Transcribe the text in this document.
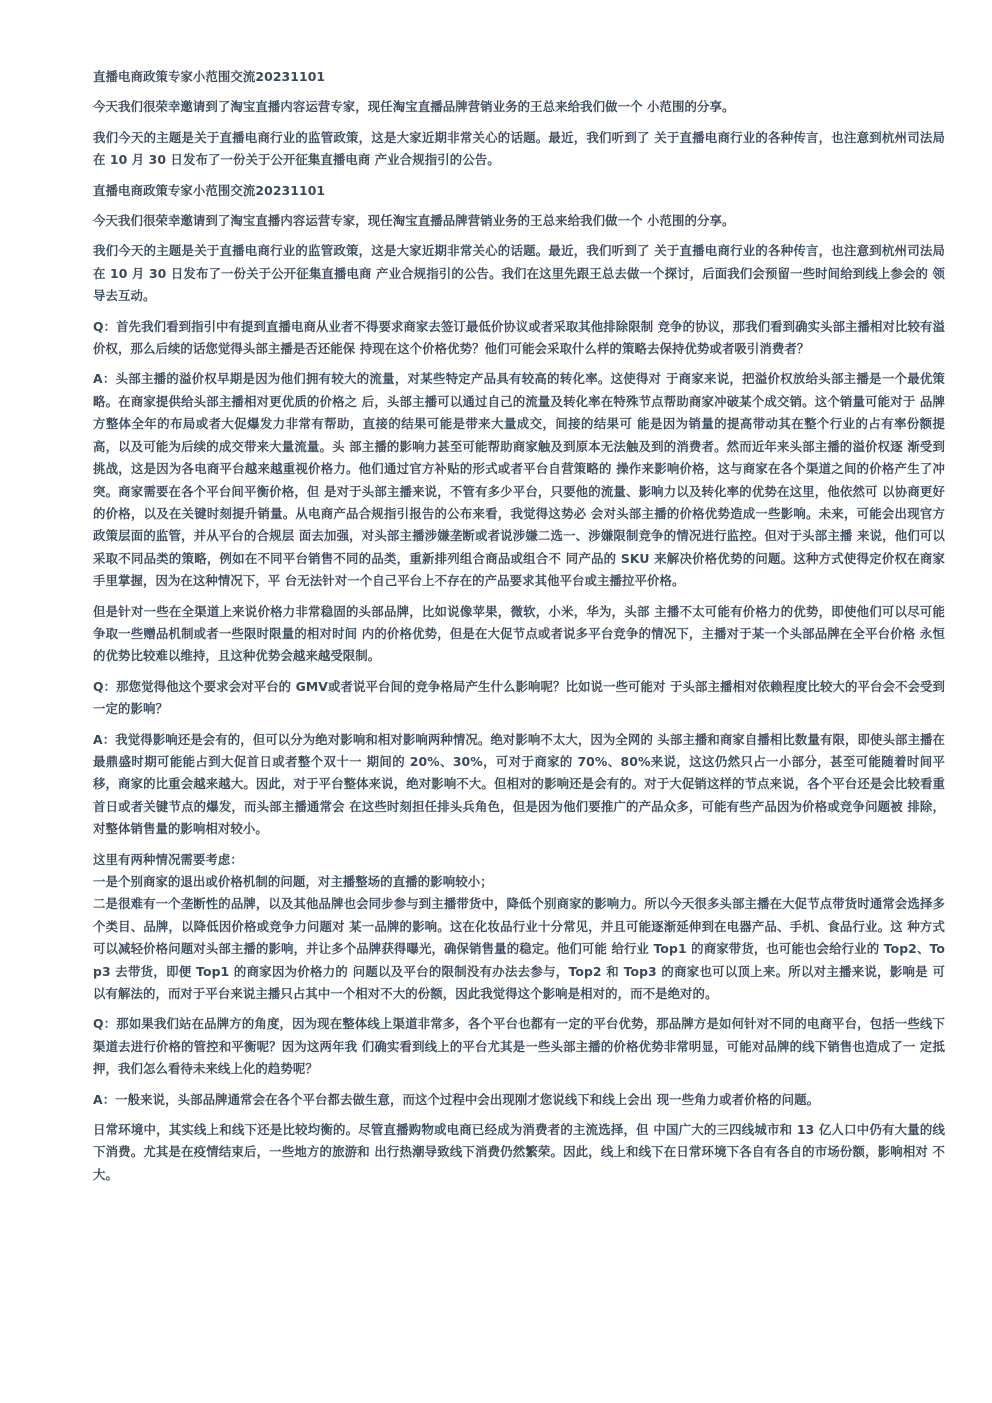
直播电商政策专家小范围交流20231101
今天我们很荣幸邀请到了淘宝直播内容运营专家，现任淘宝直播品牌营销业务的王总来给我们做一个 小范围的分享。
我们今天的主题是关于直播电商行业的监管政策，这是大家近期非常关心的话题。最近，我们听到了 关于直播电商行业的各种传言，也注意到杭州司法局在 10 月 30 日发布了一份关于公开征集直播电商 产业合规指引的公告。
直播电商政策专家小范围交流20231101
今天我们很荣幸邀请到了淘宝直播内容运营专家，现任淘宝直播品牌营销业务的王总来给我们做一个 小范围的分享。
我们今天的主题是关于直播电商行业的监管政策，这是大家近期非常关心的话题。最近，我们听到了 关于直播电商行业的各种传言，也注意到杭州司法局在 10 月 30 日发布了一份关于公开征集直播电商 产业合规指引的公告。我们在这里先跟王总去做一个探讨，后面我们会预留一些时间给到线上参会的 领导去互动。
Q：首先我们看到指引中有提到直播电商从业者不得要求商家去签订最低价协议或者采取其他排除限制 竞争的协议，那我们看到确实头部主播相对比较有溢价权，那么后续的话您觉得头部主播是否还能保 持现在这个价格优势？他们可能会采取什么样的策略去保持优势或者吸引消费者？
A：头部主播的溢价权早期是因为他们拥有较大的流量，对某些特定产品具有较高的转化率。这使得对 于商家来说，把溢价权放给头部主播是一个最优策略。在商家提供给头部主播相对更优质的价格之 后，头部主播可以通过自己的流量及转化率在特殊节点帮助商家冲破某个成交销。这个销量可能对于 品牌方整体全年的布局或者大促爆发力非常有帮助，直接的结果可能是带来大量成交，间接的结果可 能是因为销量的提高带动其在整个行业的占有率份额提高，以及可能为后续的成交带来大量流量。头 部主播的影响力甚至可能帮助商家触及到原本无法触及到的消费者。然而近年来头部主播的溢价权逐 渐受到挑战，这是因为各电商平台越来越重视价格力。他们通过官方补贴的形式或者平台自营策略的 操作来影响价格，这与商家在各个渠道之间的价格产生了冲突。商家需要在各个平台间平衡价格，但 是对于头部主播来说，不管有多少平台，只要他的流量、影响力以及转化率的优势在这里，他依然可 以协商更好的价格，以及在关键时刻提升销量。从电商产品合规指引报告的公布来看，我觉得这势必 会对头部主播的价格优势造成一些影响。未来，可能会出现官方政策层面的监管，并从平台的合规层 面去加强，对头部主播涉嫌垄断或者说涉嫌二选一、涉嫌限制竞争的情况进行监控。但对于头部主播 来说，他们可以采取不同品类的策略，例如在不同平台销售不同的品类，重新排列组合商品或组合不 同产品的 SKU 来解决价格优势的问题。这种方式使得定价权在商家手里掌握，因为在这种情况下，平 台无法针对一个自己平台上不存在的产品要求其他平台或主播拉平价格。
但是针对一些在全渠道上来说价格力非常稳固的头部品牌，比如说像苹果，微软，小米，华为，头部 主播不太可能有价格力的优势，即使他们可以尽可能争取一些赠品机制或者一些限时限量的相对时间 内的价格优势，但是在大促节点或者说多平台竞争的情况下，主播对于某一个头部品牌在全平台价格 永恒的优势比较难以维持，且这种优势会越来越受限制。
Q：那您觉得他这个要求会对平台的 GMV或者说平台间的竞争格局产生什么影响呢？比如说一些可能对 于头部主播相对依赖程度比较大的平台会不会受到一定的影响？
A：我觉得影响还是会有的，但可以分为绝对影响和相对影响两种情况。绝对影响不太大，因为全网的 头部主播和商家自播相比数量有限，即使头部主播在最鼎盛时期可能能占到大促首日或者整个双十一 期间的 20%、30%，可对于商家的 70%、80%来说，这这仍然只占一小部分，甚至可能随着时间平 移，商家的比重会越来越大。因此，对于平台整体来说，绝对影响不大。但相对的影响还是会有的。对于大促销这样的节点来说，各个平台还是会比较看重首日或者关键节点的爆发，而头部主播通常会 在这些时刻担任排头兵角色，但是因为他们要推广的产品众多，可能有些产品因为价格或竞争问题被 排除，对整体销售量的影响相对较小。
这里有两种情况需要考虑：
一是个别商家的退出或价格机制的问题，对主播整场的直播的影响较小；
二是很难有一个垄断性的品牌，以及其他品牌也会同步参与到主播带货中，降低个别商家的影响力。所以今天很多头部主播在大促节点带货时通常会选择多个类目、品牌，以降低因价格或竞争力问题对 某一品牌的影响。这在化妆品行业十分常见，并且可能逐渐延伸到在电器产品、手机、食品行业。这 种方式可以减轻价格问题对头部主播的影响，并让多个品牌获得曝光，确保销售量的稳定。他们可能 给行业 Top1 的商家带货，也可能也会给行业的 Top2、Top3 去带货，即便 Top1 的商家因为价格力的 问题以及平台的限制没有办法去参与，Top2 和 Top3 的商家也可以顶上来。所以对主播来说，影响是 可以有解法的，而对于平台来说主播只占其中一个相对不大的份额，因此我觉得这个影响是相对的，而不是绝对的。
Q：那如果我们站在品牌方的角度，因为现在整体线上渠道非常多，各个平台也都有一定的平台优势，那品牌方是如何针对不同的电商平台，包括一些线下渠道去进行价格的管控和平衡呢？因为这两年我 们确实看到线上的平台尤其是一些头部主播的价格优势非常明显，可能对品牌的线下销售也造成了一 定抵押，我们怎么看待未来线上化的趋势呢？
A：一般来说，头部品牌通常会在各个平台都去做生意，而这个过程中会出现刚才您说线下和线上会出 现一些角力或者价格的问题。
日常环境中，其实线上和线下还是比较均衡的。尽管直播购物或电商已经成为消费者的主流选择，但 中国广大的三四线城市和 13 亿人口中仍有大量的线下消费。尤其是在疫情结束后，一些地方的旅游和 出行热潮导致线下消费仍然繁荣。因此，线上和线下在日常环境下各自有各自的市场份额，影响相对 不大。
